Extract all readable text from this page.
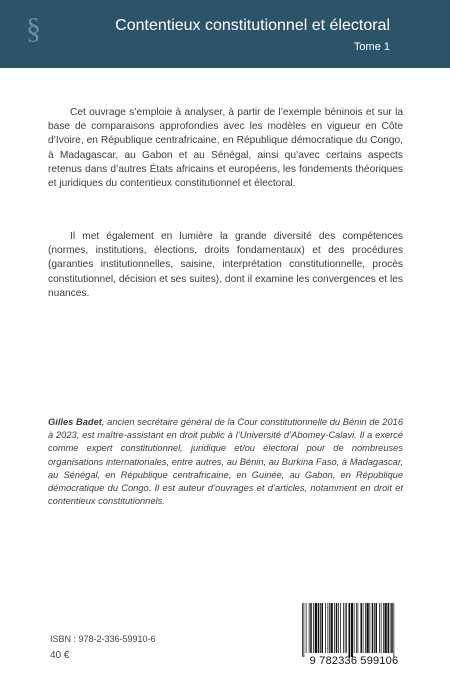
§	Contentieux constitutionnel et électoral
Tome 1

Cet ouvrage s’emploie à analyser, à partir de l’exemple béninois et sur la base de comparaisons approfondies avec les modèles en vigueur en Côte d’Ivoire, en République centrafricaine, en République démocratique du Congo, à Madagascar, au Gabon et au Sénégal, ainsi qu’avec certains aspects retenus dans d’autres États africains et européens, les fondements théoriques et juridiques du contentieux constitutionnel et électoral.

Il met également en lumière la grande diversité des compétences (normes, institutions, élections, droits fondamentaux) et des procédures (garanties institutionnelles, saisine, interprétation constitutionnelle, procès constitutionnel, décision et ses suites), dont il examine les convergences et les nuances.

Gilles Badet, ancien secrétaire général de la Cour constitutionnelle du Bénin de 2016 à 2023, est maître-assistant en droit public à l’Université d’Abomey-Calavi. Il a exercé comme expert constitutionnel, juridique et/ou électoral pour de nombreuses organisations internationales, entre autres, au Bénin, au Burkina Faso, à Madagascar, au Sénégal, en République centrafricaine, en Guinée, au Gabon, en République démocratique du Congo. Il est auteur d’ouvrages et d’articles, notamment en droit et contentieux constitutionnels.

ISBN : 978-2-336-59910-6
40 €	9 782336 599106
